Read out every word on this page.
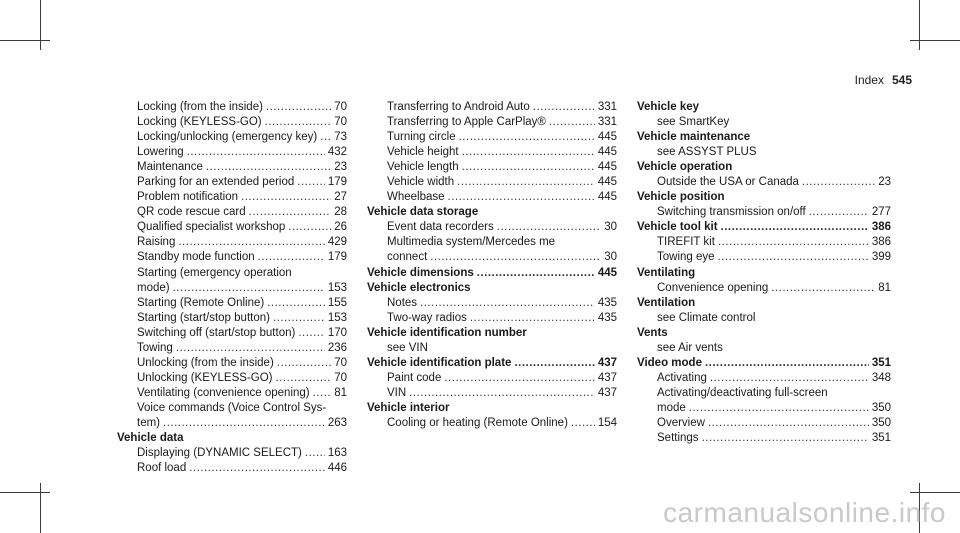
Index 545
Locking (from the inside) .....	70
Locking (KEYLESS-GO) .....	70
Locking/unlocking (emergency key) ..... 73
Lowering .....	432
Maintenance .....	23
Parking for an extended period .....	179
Problem notification .....	27
QR code rescue card .....	28
Qualified specialist workshop .....	26
Raising .....	429
Standby mode function .....	179
Starting (emergency operation
mode) .....	153
Starting (Remote Online) .....	155
Starting (start/stop button) .....	153
Switching off (start/stop button) .....	170
Towing .....	236
Unlocking (from the inside) .....	70
Unlocking (KEYLESS-GO) .....	70
Ventilating (convenience opening) ..... 81
Voice commands (Voice Control Sys-
tem) .....	263
Vehicle data
Displaying (DYNAMIC SELECT) ..... 163
Roof load .....	446
Transferring to Android Auto .....	331
Transferring to Apple CarPlay® .....	331
Turning circle .....	445
Vehicle height .....	445
Vehicle length .....	445
Vehicle width .....	445
Wheelbase .....	445
Vehicle data storage
Event data recorders .....	30
Multimedia system/Mercedes me
connect .....	30
Vehicle dimensions .....	445
Vehicle electronics
Notes .....	435
Two-way radios .....	435
Vehicle identification number
see VIN
Vehicle identification plate .....	437
Paint code .....	437
VIN .....	437
Vehicle interior
Cooling or heating (Remote Online) .....	154
Vehicle key
see SmartKey
Vehicle maintenance
see ASSYST PLUS
Vehicle operation
Outside the USA or Canada .....	23
Vehicle position
Switching transmission on/off .....	277
Vehicle tool kit .....	386
TIREFIT kit .....	386
Towing eye .....	399
Ventilating
Convenience opening .....	81
Ventilation
see Climate control
Vents
see Air vents
Video mode .....	351
Activating .....	348
Activating/deactivating full-screen
mode .....	350
Overview .....	350
Settings .....	351
carmanualsonline.info
